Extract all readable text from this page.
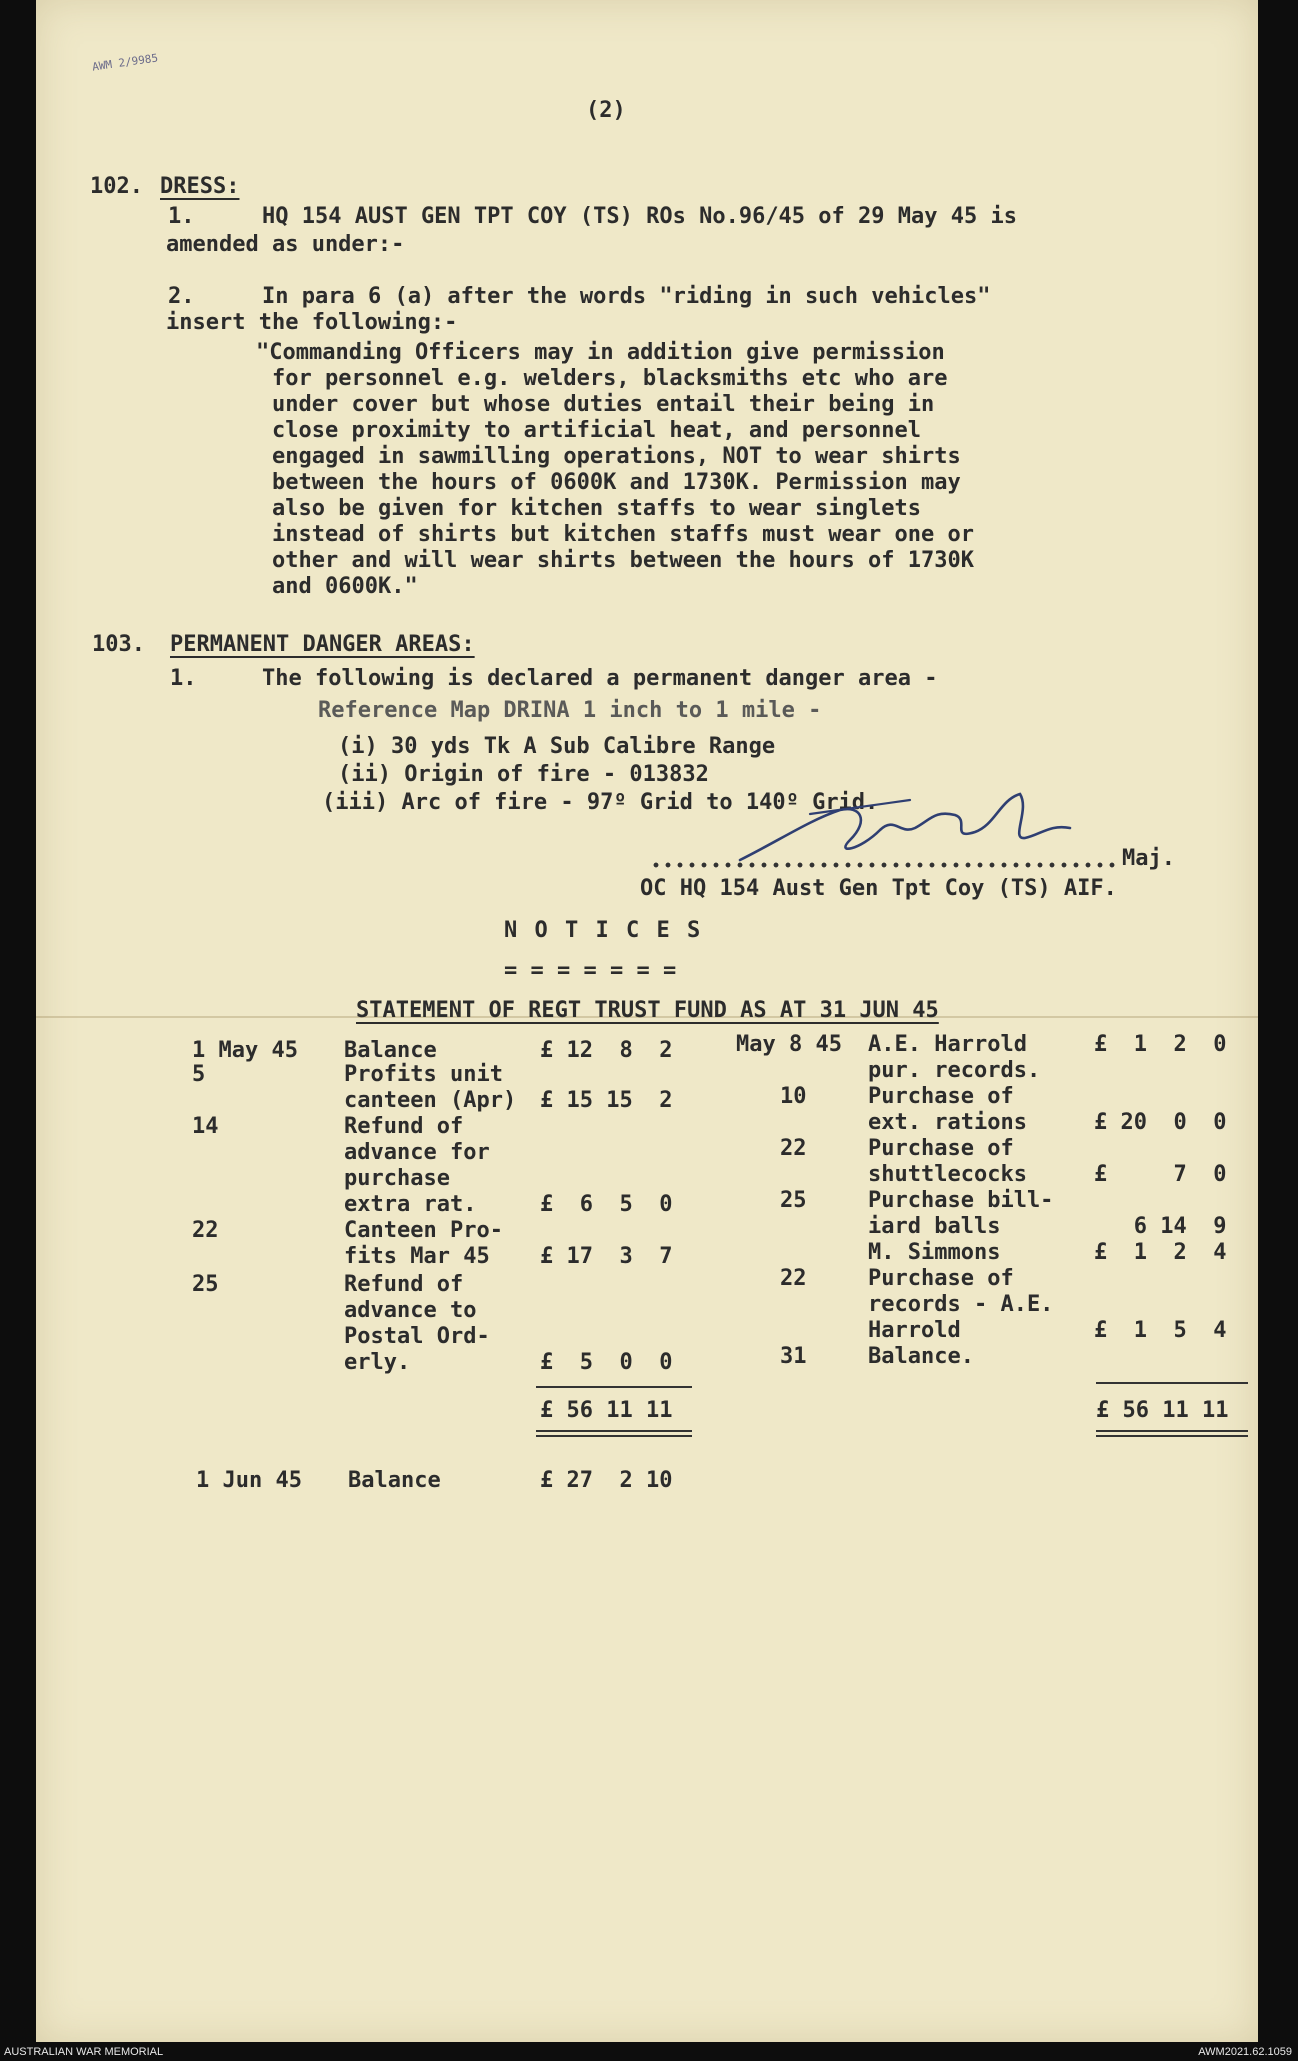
AWM 2/9985
(2)
102. DRESS:
1.	HQ 154 AUST GEN TPT COY (TS) ROs No.96/45 of 29 May 45 is
amended as under:-
2.	In para 6 (a) after the words "riding in such vehicles"
insert the following:-
"Commanding Officers may in addition give permission
for personnel e.g. welders, blacksmiths etc who are
under cover but whose duties entail their being in
close proximity to artificial heat, and personnel
engaged in sawmilling operations, NOT to wear shirts
between the hours of 0600K and 1730K. Permission may
also be given for kitchen staffs to wear singlets
instead of shirts but kitchen staffs must wear one or
other and will wear shirts between the hours of 1730K
and 0600K."
103. PERMANENT DANGER AREAS:
1.	The following is declared a permanent danger area -
Reference Map DRINA 1 inch to 1 mile -
(i) 30 yds Tk A Sub Calibre Range
(ii) Origin of fire - 013832
(iii) Arc of fire - 97º Grid to 140º Grid.
Maj.
OC HQ 154 Aust Gen Tpt Coy (TS) AIF.
N O T I C E S
= = = = = = =
STATEMENT OF REGT TRUST FUND AS AT 31 JUN 45
1 May 45 Balance	£ 12  8  2
5	Profits unit
canteen (Apr) £ 15 15  2
14	Refund of
advance for
purchase
extra rat.	£  6  5  0
22	Canteen Pro-
fits Mar 45 £ 17  3  7
25	Refund of
advance to
Postal Ord-
erly.	£  5  0  0
£ 56 11 11
May 8 45 A.E. Harrold	£  1  2  0
pur. records.
10	Purchase of
ext. rations	£ 20  0  0
22	Purchase of
shuttlecocks	£     7  0
25	Purchase bill-
iard balls	6 14  9
M. Simmons	£  1  2  4
22	Purchase of
records - A.E.
Harrold	£  1  5  4
31	Balance.
£ 56 11 11
1 Jun 45 Balance	£ 27  2 10
AUSTRALIAN WAR MEMORIAL	AWM2021.62.1059
